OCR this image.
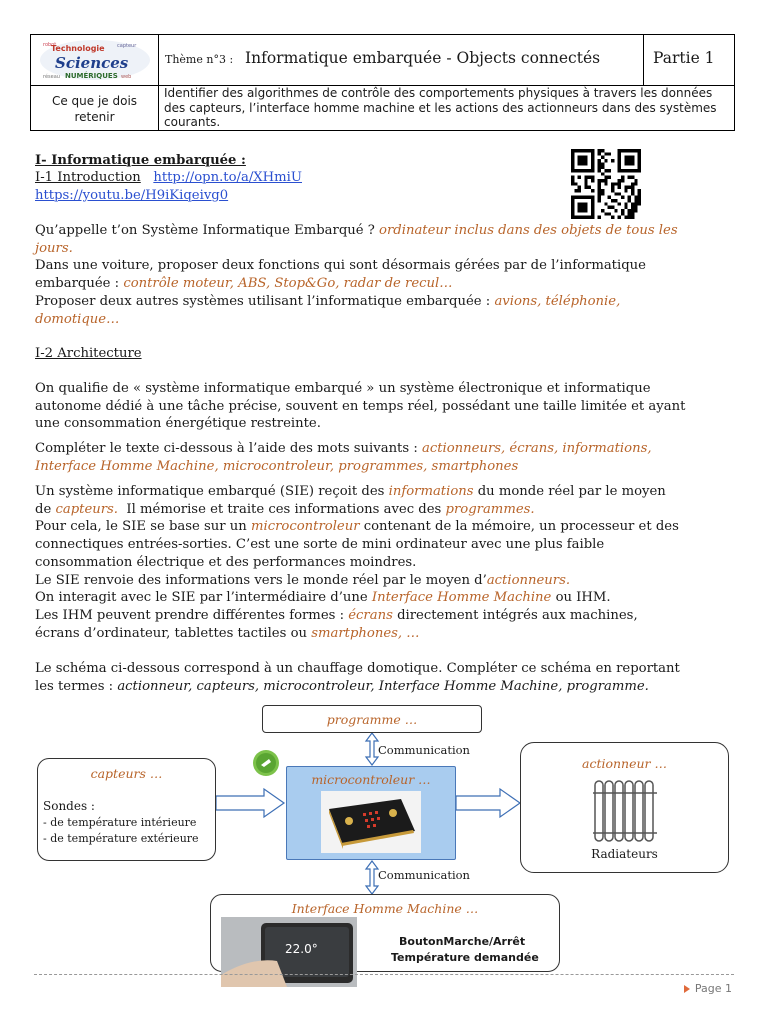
robot	capteur
réseau	web
Technologie
Sciences
NUMÉRIQUES
Thème n°3 : Informatique embarquée - Objects connectés	Partie 1
Ce que je dois
retenir
Identifier des algorithmes de contrôle des comportements physiques à travers les données des capteurs, l’interface homme machine et les actions des actionneurs dans des systèmes courants.
I- Informatique embarquée :
I-1 Introduction http://opn.to/a/XHmiU
https://youtu.be/H9iKiqeivg0
Qu’appelle t’on Système Informatique Embarqué ? ordinateur inclus dans des objets de tous les
jours.
Dans une voiture, proposer deux fonctions qui sont désormais gérées par de l’informatique
embarquée : contrôle moteur, ABS, Stop&Go, radar de recul…
Proposer deux autres systèmes utilisant l’informatique embarquée : avions, téléphonie,
domotique…
I-2 Architecture
On qualifie de « système informatique embarqué » un système électronique et informatique
autonome dédié à une tâche précise, souvent en temps réel, possédant une taille limitée et ayant
une consommation énergétique restreinte.
Compléter le texte ci-dessous à l’aide des mots suivants : actionneurs, écrans, informations,
Interface Homme Machine, microcontroleur, programmes, smartphones
Un système informatique embarqué (SIE) reçoit des informations du monde réel par le moyen
de capteurs. Il mémorise et traite ces informations avec des programmes.
Pour cela, le SIE se base sur un microcontroleur contenant de la mémoire, un processeur et des
connectiques entrées-sorties. C’est une sorte de mini ordinateur avec une plus faible
consommation électrique et des performances moindres.
Le SIE renvoie des informations vers le monde réel par le moyen d’actionneurs.
On interagit avec le SIE par l’intermédiaire d’une Interface Homme Machine ou IHM.
Les IHM peuvent prendre différentes formes : écrans directement intégrés aux machines,
écrans d’ordinateur, tablettes tactiles ou smartphones, …
Le schéma ci-dessous correspond à un chauffage domotique. Compléter ce schéma en reportant
les termes : actionneur, capteurs, microcontroleur, Interface Homme Machine, programme.
programme …
Communication
capteurs …
Sondes :
- de température intérieure
- de température extérieure
microcontroleur …
actionneur …
Radiateurs
Communication
Interface Homme Machine …
22.0°
BoutonMarche/Arrêt
Température demandée
Page 1
